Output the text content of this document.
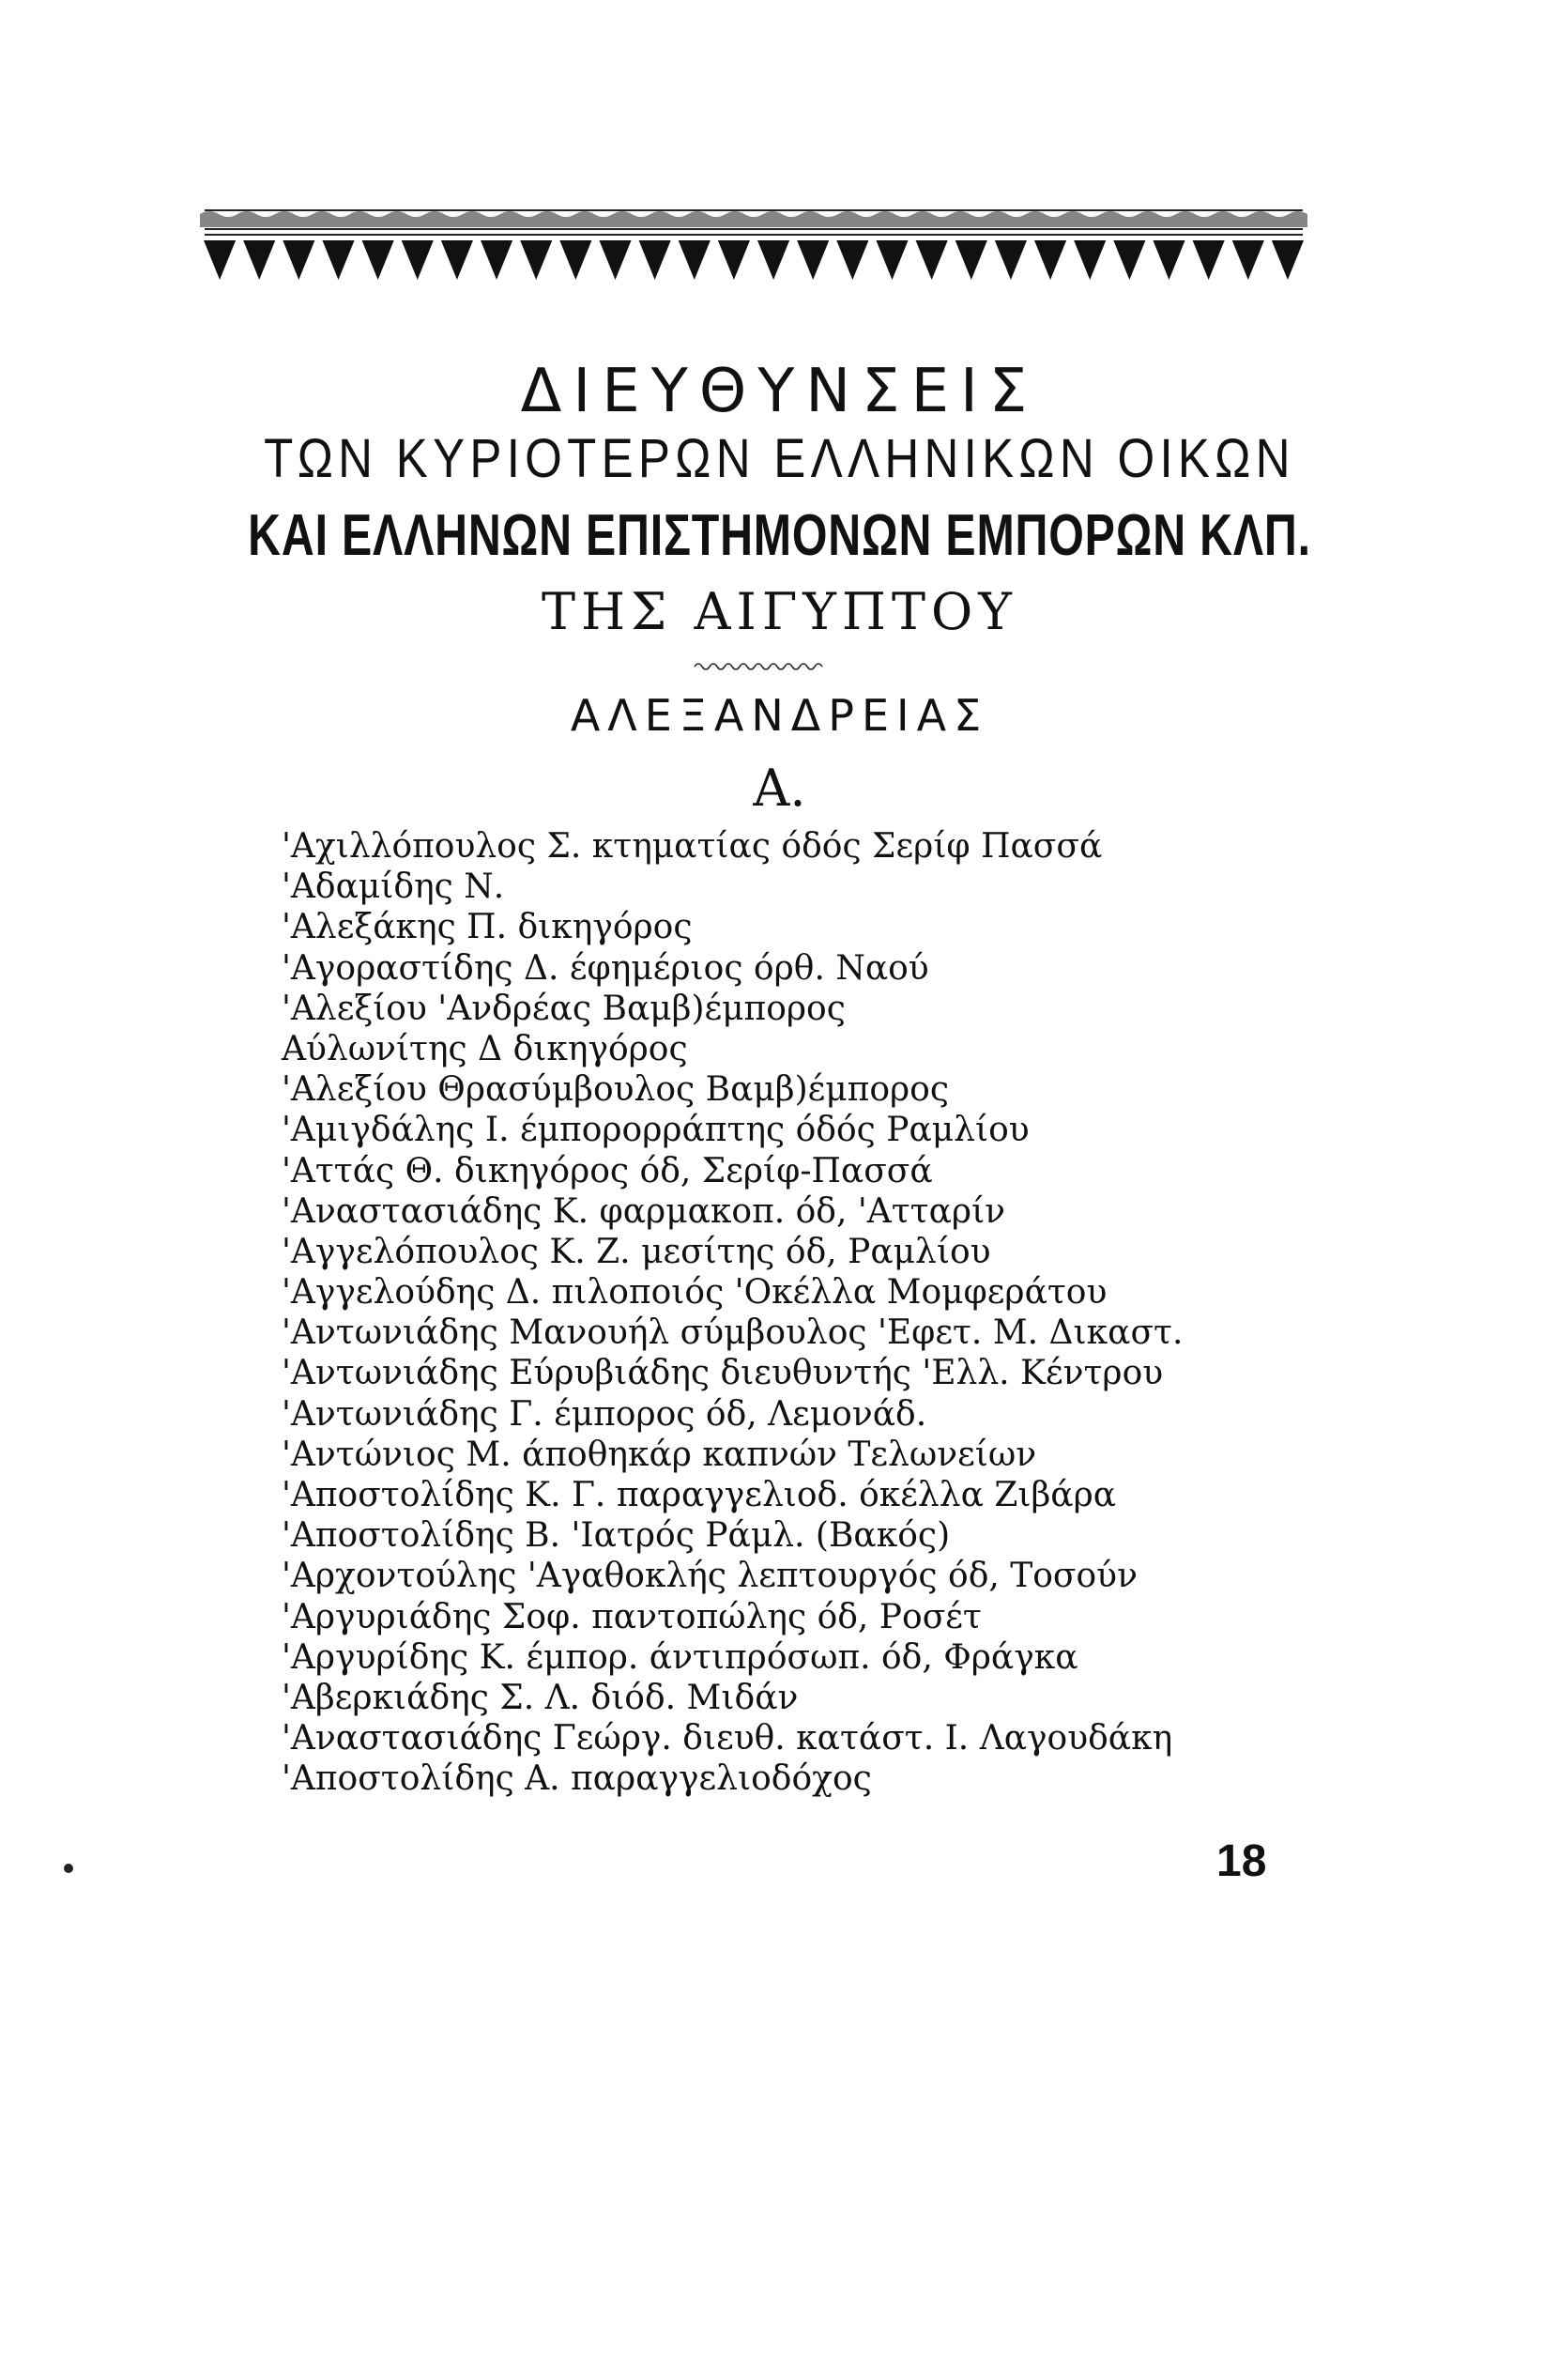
ΔΙΕΥΘΥΝΣΕΙΣ
ΤΩΝ ΚΥΡΙΟΤΕΡΩΝ ΕΛΛΗΝΙΚΩΝ ΟΙΚΩΝ
ΚΑΙ ΕΛΛΗΝΩΝ ΕΠΙΣΤΗΜΟΝΩΝ ΕΜΠΟΡΩΝ ΚΛΠ.
ΤΗΣ ΑΙΓΥΠΤΟΥ
ΑΛΕΞΑΝΔΡΕΙΑΣ
Α.
'Αχιλλόπουλος Σ. κτηματίας όδός Σερίφ Πασσά
'Αδαμίδης Ν.
'Αλεξάκης Π. δικηγόρος
'Αγοραστίδης Δ. έφημέριος όρθ. Ναού
'Αλεξίου 'Ανδρέας Βαμβ)έμπορος
Αύλωνίτης Δ δικηγόρος
'Αλεξίου Θρασύμβουλος Βαμβ)έμπορος
'Αμιγδάλης Ι. έμπορορράπτης όδός Ραμλίου
'Αττάς Θ. δικηγόρος όδ, Σερίφ-Πασσά
'Αναστασιάδης Κ. φαρμακοπ. όδ, 'Ατταρίν
'Αγγελόπουλος Κ. Ζ. μεσίτης όδ, Ραμλίου
'Αγγελούδης Δ. πιλοποιός 'Οκέλλα Μομφεράτου
'Αντωνιάδης Μανουήλ σύμβουλος 'Εφετ. Μ. Δικαστ.
'Αντωνιάδης Εύρυβιάδης διευθυντής 'Ελλ. Κέντρου
'Αντωνιάδης Γ. έμπορος όδ, Λεμονάδ.
'Αντώνιος Μ. άποθηκάρ καπνών Τελωνείων
'Αποστολίδης Κ. Γ. παραγγελιοδ. όκέλλα Ζιβάρα
'Αποστολίδης Β. 'Ιατρός Ράμλ. (Βακός)
'Αρχοντούλης 'Αγαθοκλής λεπτουργός όδ, Τοσούν
'Αργυριάδης Σοφ. παντοπώλης όδ, Ροσέτ
'Αργυρίδης Κ. έμπορ. άντιπρόσωπ. όδ, Φράγκα
'Αβερκιάδης Σ. Λ. διόδ. Μιδάν
'Αναστασιάδης Γεώργ. διευθ. κατάστ. Ι. Λαγουδάκη
'Αποστολίδης Α. παραγγελιοδόχος
18
